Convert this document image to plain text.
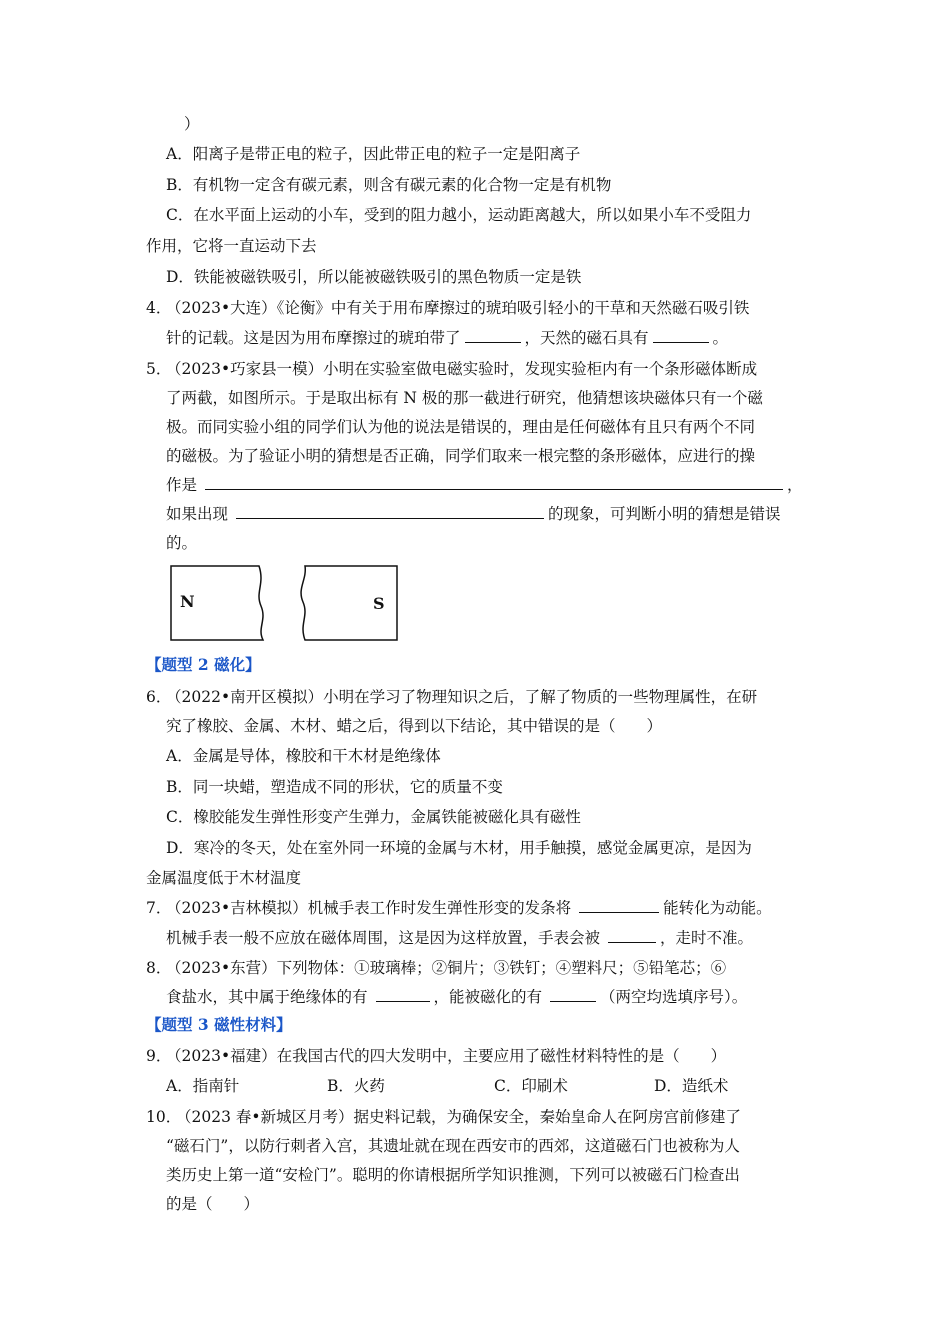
）
A．阳离子是带正电的粒子，因此带正电的粒子一定是阳离子
B．有机物一定含有碳元素，则含有碳元素的化合物一定是有机物
C．在水平面上运动的小车，受到的阻力越小，运动距离越大，所以如果小车不受阻力
作用，它将一直运动下去
D．铁能被磁铁吸引，所以能被磁铁吸引的黑色物质一定是铁
4．
（2023•大连）《论衡》中有关于用布摩擦过的琥珀吸引轻小的干草和天然磁石吸引铁
针的记载。这是因为用布摩擦过的琥珀带了	，天然的磁石具有	。
5．
（2023•巧家县一模）小明在实验室做电磁实验时，发现实验柜内有一个条形磁体断成
了两截，如图所示。于是取出标有 N 极的那一截进行研究，他猜想该块磁体只有一个磁
极。而同实验小组的同学们认为他的说法是错误的，理由是任何磁体有且只有两个不同
的磁极。为了验证小明的猜想是否正确，同学们取来一根完整的条形磁体，应进行的操
作是	，
如果出现	的现象，可判断小明的猜想是错误
的。
N	S
【题型 2 磁化】
6．
（2022•南开区模拟）小明在学习了物理知识之后，了解了物质的一些物理属性，在研
究了橡胶、金属、木材、蜡之后，得到以下结论，其中错误的是（　　）
A．金属是导体，橡胶和干木材是绝缘体
B．同一块蜡，塑造成不同的形状，它的质量不变
C．橡胶能发生弹性形变产生弹力，金属铁能被磁化具有磁性
D．寒冷的冬天，处在室外同一环境的金属与木材，用手触摸，感觉金属更凉，是因为
金属温度低于木材温度
7．
（2023•吉林模拟）机械手表工作时发生弹性形变的发条将	能转化为动能。
机械手表一般不应放在磁体周围，这是因为这样放置，手表会被	，走时不准。
8．
（2023•东营）下列物体：①玻璃棒；②铜片；③铁钉；④塑料尺；⑤铅笔芯；⑥
食盐水，其中属于绝缘体的有	，能被磁化的有	（两空均选填序号）。
【题型 3 磁性材料】
9．
（2023•福建）在我国古代的四大发明中，主要应用了磁性材料特性的是（　　）
A．指南针	B．火药	C．印刷术	D．造纸术
10．
（2023 春•新城区月考）据史料记载，为确保安全，秦始皇命人在阿房宫前修建了
“磁石门”，以防行刺者入宫，其遗址就在现在西安市的西郊，这道磁石门也被称为人
类历史上第一道“安检门”。聪明的你请根据所学知识推测，下列可以被磁石门检查出
的是（　　）
